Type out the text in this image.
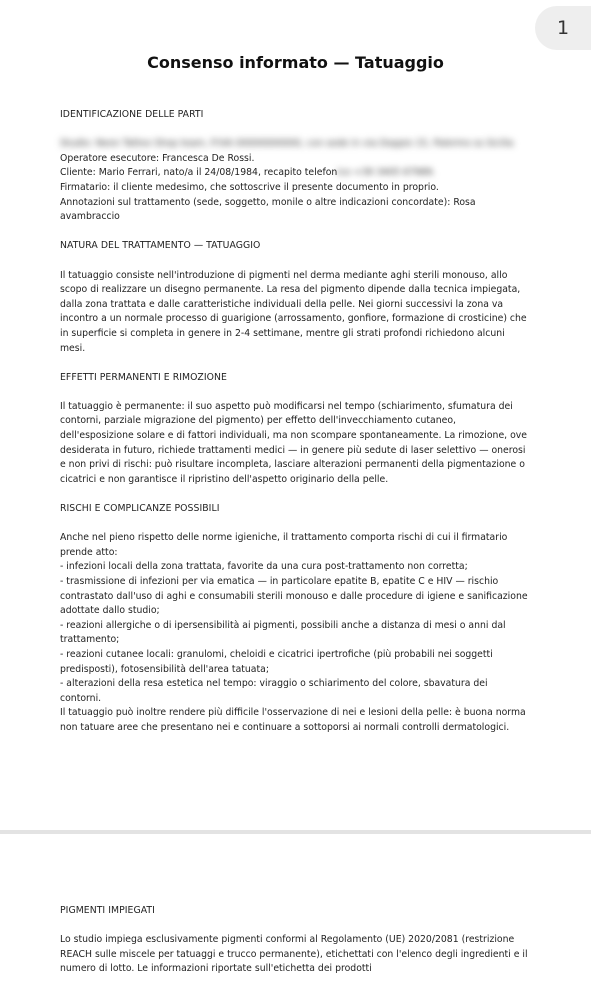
1
Consenso informato — Tatuaggio
IDENTIFICAZIONE DELLE PARTI
Studio: Neon Tattoo Shop team, P.IVA 00000000000, con sede in via Doppio 15, Palermo ss Sicilia
Operatore esecutore: Francesca De Rossi.
Cliente: Mario Ferrari, nato/a il 24/08/1984, recapito telefonico +39 3405 67989.
Firmatario: il cliente medesimo, che sottoscrive il presente documento in proprio.
Annotazioni sul trattamento (sede, soggetto, monile o altre indicazioni concordate): Rosa avambraccio
NATURA DEL TRATTAMENTO — TATUAGGIO
Il tatuaggio consiste nell'introduzione di pigmenti nel derma mediante aghi sterili monouso, allo scopo di realizzare un disegno permanente. La resa del pigmento dipende dalla tecnica impiegata, dalla zona trattata e dalle caratteristiche individuali della pelle. Nei giorni successivi la zona va incontro a un normale processo di guarigione (arrossamento, gonfiore, formazione di crosticine) che in superficie si completa in genere in 2-4 settimane, mentre gli strati profondi richiedono alcuni mesi.
EFFETTI PERMANENTI E RIMOZIONE
Il tatuaggio è permanente: il suo aspetto può modificarsi nel tempo (schiarimento, sfumatura dei contorni, parziale migrazione del pigmento) per effetto dell'invecchiamento cutaneo, dell'esposizione solare e di fattori individuali, ma non scompare spontaneamente. La rimozione, ove desiderata in futuro, richiede trattamenti medici — in genere più sedute di laser selettivo — onerosi e non privi di rischi: può risultare incompleta, lasciare alterazioni permanenti della pigmentazione o cicatrici e non garantisce il ripristino dell'aspetto originario della pelle.
RISCHI E COMPLICANZE POSSIBILI
Anche nel pieno rispetto delle norme igieniche, il trattamento comporta rischi di cui il firmatario prende atto:
- infezioni locali della zona trattata, favorite da una cura post-trattamento non corretta;
- trasmissione di infezioni per via ematica — in particolare epatite B, epatite C e HIV — rischio contrastato dall'uso di aghi e consumabili sterili monouso e dalle procedure di igiene e sanificazione adottate dallo studio;
- reazioni allergiche o di ipersensibilità ai pigmenti, possibili anche a distanza di mesi o anni dal trattamento;
- reazioni cutanee locali: granulomi, cheloidi e cicatrici ipertrofiche (più probabili nei soggetti predisposti), fotosensibilità dell'area tatuata;
- alterazioni della resa estetica nel tempo: viraggio o schiarimento del colore, sbavatura dei contorni.
Il tatuaggio può inoltre rendere più difficile l'osservazione di nei e lesioni della pelle: è buona norma non tatuare aree che presentano nei e continuare a sottoporsi ai normali controlli dermatologici.
PIGMENTI IMPIEGATI
Lo studio impiega esclusivamente pigmenti conformi al Regolamento (UE) 2020/2081 (restrizione REACH sulle miscele per tatuaggi e trucco permanente), etichettati con l'elenco degli ingredienti e il numero di lotto. Le informazioni riportate sull'etichetta dei prodotti
